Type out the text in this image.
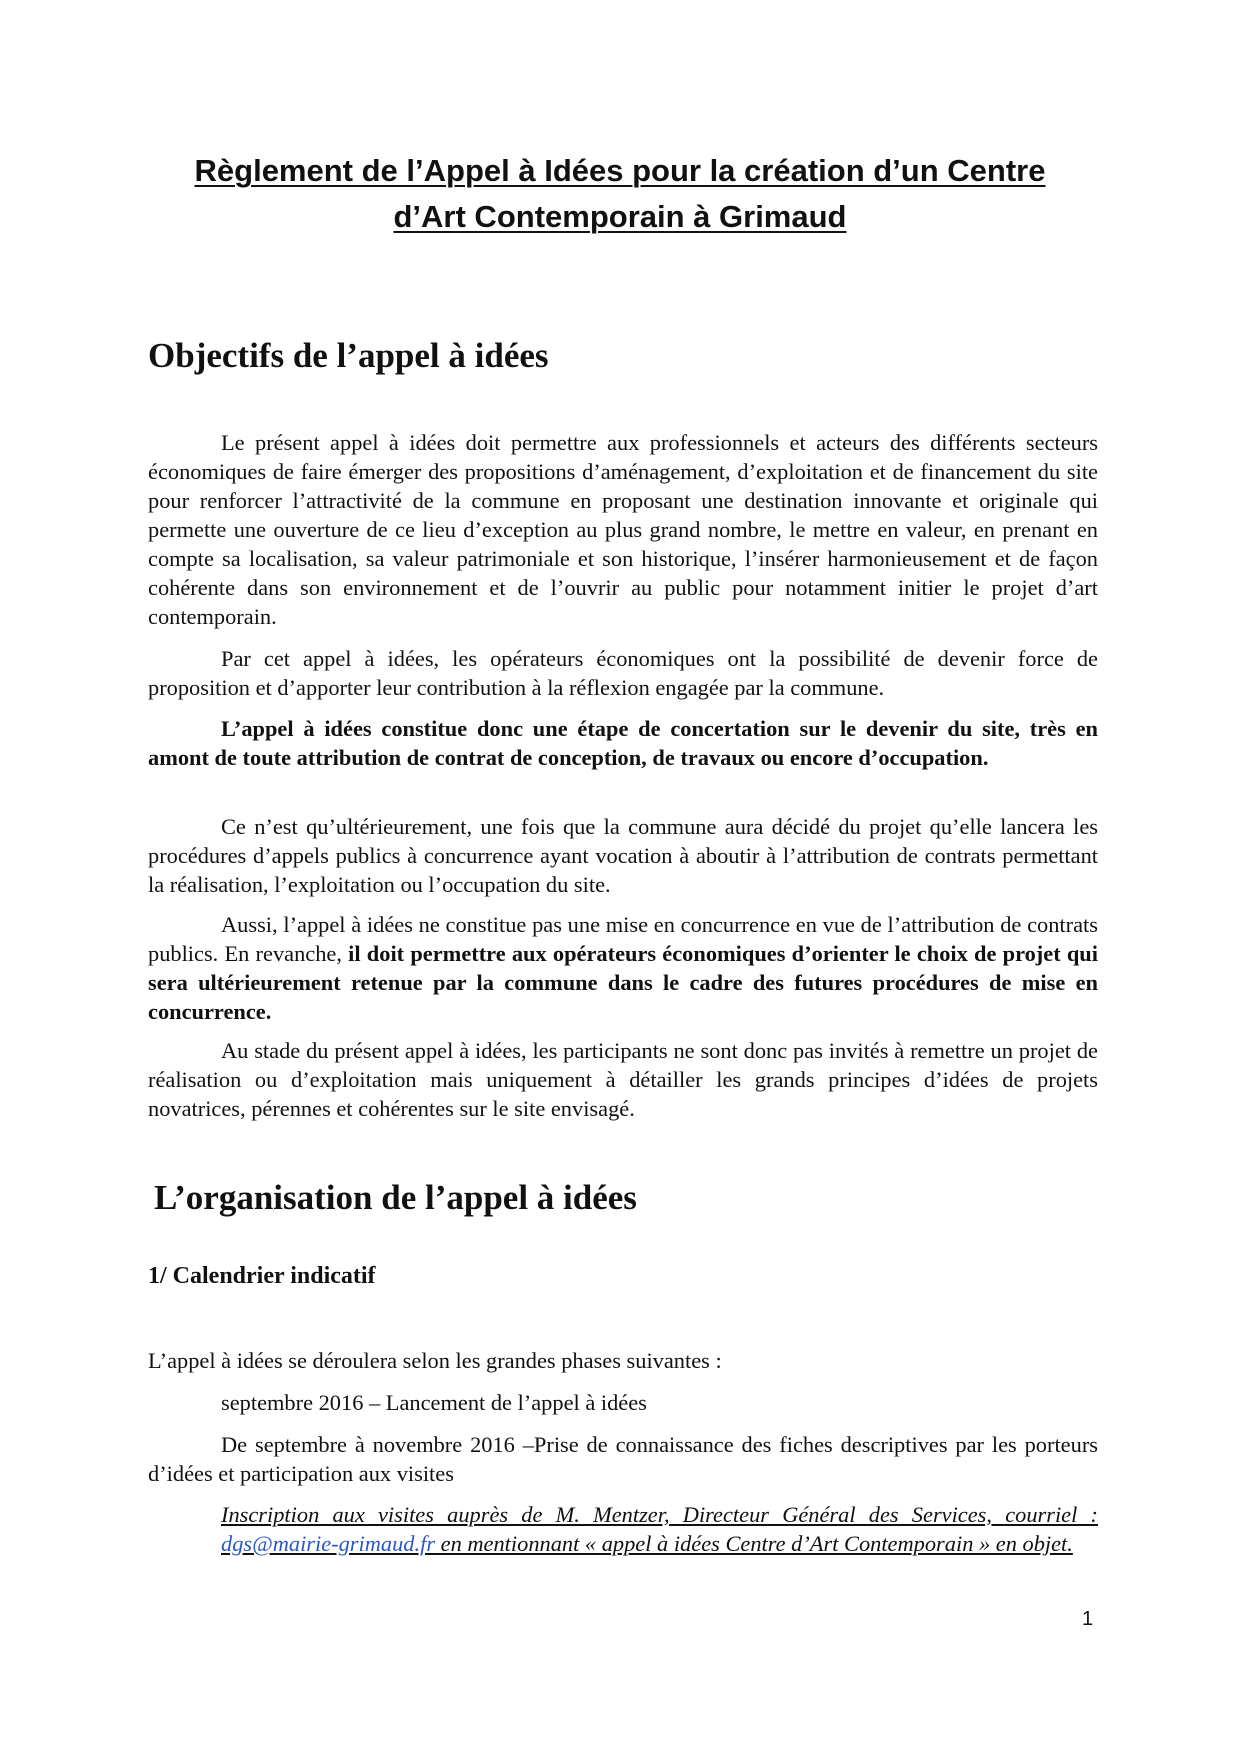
Règlement de l’Appel à Idées pour la création d’un Centre
d’Art Contemporain à Grimaud
Objectifs de l’appel à idées

Le présent appel à idées doit permettre aux professionnels et acteurs des différents secteurs économiques de faire émerger des propositions d’aménagement, d’exploitation et de financement du site pour renforcer l’attractivité de la commune en proposant une destination innovante et originale qui permette une ouverture de ce lieu d’exception au plus grand nombre, le mettre en valeur, en prenant en compte sa localisation, sa valeur patrimoniale et son historique, l’insérer harmonieusement et de façon cohérente dans son environnement et de l’ouvrir au public pour notamment initier le projet d’art contemporain.

Par cet appel à idées, les opérateurs économiques ont la possibilité de devenir force de proposition et d’apporter leur contribution à la réflexion engagée par la commune.

L’appel à idées constitue donc une étape de concertation sur le devenir du site, très en amont de toute attribution de contrat de conception, de travaux ou encore d’occupation.

Ce n’est qu’ultérieurement, une fois que la commune aura décidé du projet qu’elle lancera les procédures d’appels publics à concurrence ayant vocation à aboutir à l’attribution de contrats permettant la réalisation, l’exploitation ou l’occupation du site.

Aussi, l’appel à idées ne constitue pas une mise en concurrence en vue de l’attribution de contrats publics. En revanche, il doit permettre aux opérateurs économiques d’orienter le choix de projet qui sera ultérieurement retenue par la commune dans le cadre des futures procédures de mise en concurrence.

Au stade du présent appel à idées, les participants ne sont donc pas invités à remettre un projet de réalisation ou d’exploitation mais uniquement à détailler les grands principes d’idées de projets novatrices, pérennes et cohérentes sur le site envisagé.

L’organisation de l’appel à idées
1/ Calendrier indicatif

L’appel à idées se déroulera selon les grandes phases suivantes :

septembre 2016 – Lancement de l’appel à idées

De septembre à novembre 2016 –Prise de connaissance des fiches descriptives par les porteurs d’idées et participation aux visites

Inscription aux visites auprès de M. Mentzer, Directeur Général des Services, courriel : dgs@mairie-grimaud.fr en mentionnant « appel à idées Centre d’Art Contemporain » en objet.

1
